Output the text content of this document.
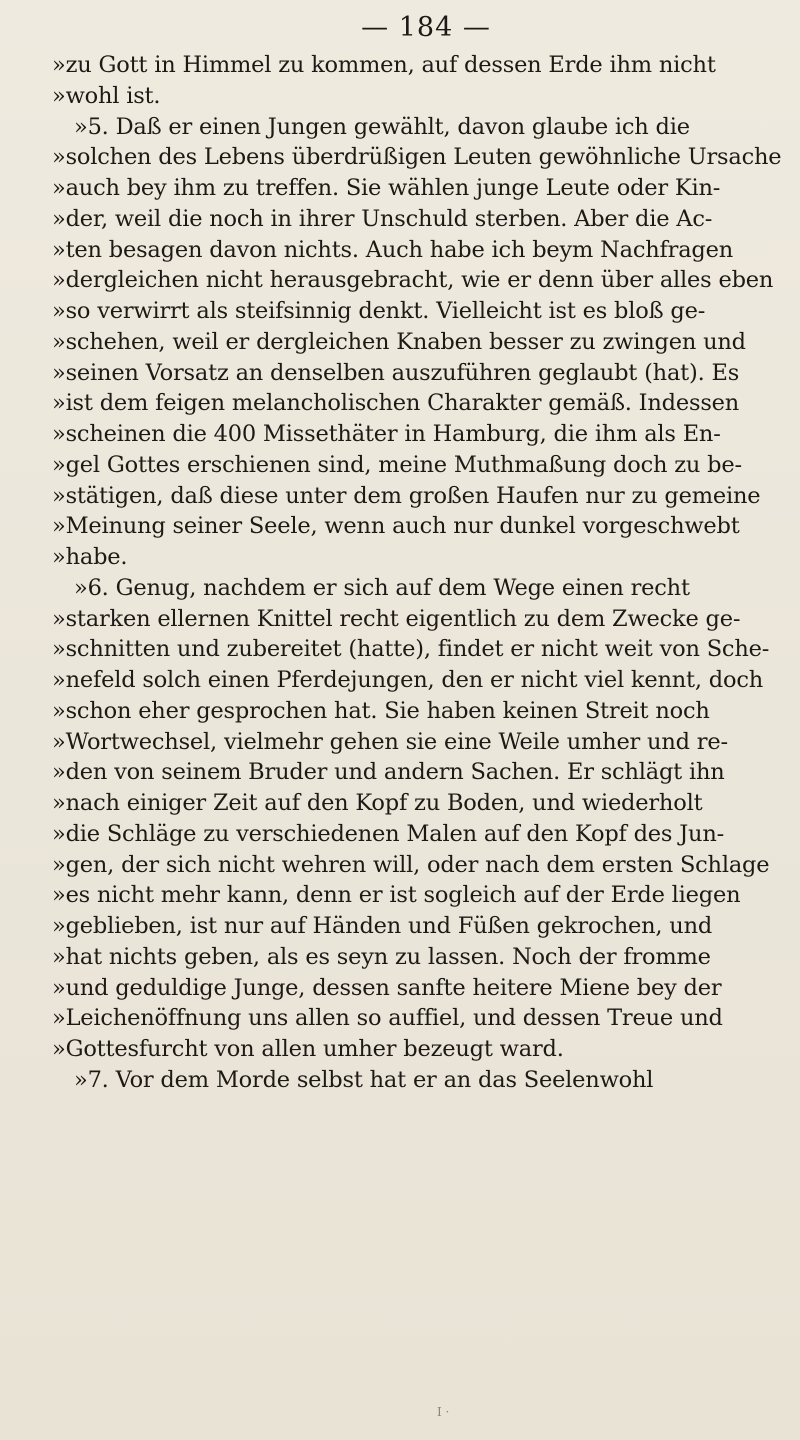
— 184 —
»zu Gott in Himmel zu kommen, auf dessen Erde ihm nicht
»wohl ist.
»5. Daß er einen Jungen gewählt, davon glaube ich die
»solchen des Lebens überdrüßigen Leuten gewöhnliche Ursache
»auch bey ihm zu treffen. Sie wählen junge Leute oder Kin-
»der, weil die noch in ihrer Unschuld sterben. Aber die Ac-
»ten besagen davon nichts. Auch habe ich beym Nachfragen
»dergleichen nicht herausgebracht, wie er denn über alles eben
»so verwirrt als steifsinnig denkt. Vielleicht ist es bloß ge-
»schehen, weil er dergleichen Knaben besser zu zwingen und
»seinen Vorsatz an denselben auszuführen geglaubt (hat). Es
»ist dem feigen melancholischen Charakter gemäß. Indessen
»scheinen die 400 Missethäter in Hamburg, die ihm als En-
»gel Gottes erschienen sind, meine Muthmaßung doch zu be-
»stätigen, daß diese unter dem großen Haufen nur zu gemeine
»Meinung seiner Seele, wenn auch nur dunkel vorgeschwebt
»habe.
»6. Genug, nachdem er sich auf dem Wege einen recht
»starken ellernen Knittel recht eigentlich zu dem Zwecke ge-
»schnitten und zubereitet (hatte), findet er nicht weit von Sche-
»nefeld solch einen Pferdejungen, den er nicht viel kennt, doch
»schon eher gesprochen hat. Sie haben keinen Streit noch
»Wortwechsel, vielmehr gehen sie eine Weile umher und re-
»den von seinem Bruder und andern Sachen. Er schlägt ihn
»nach einiger Zeit auf den Kopf zu Boden, und wiederholt
»die Schläge zu verschiedenen Malen auf den Kopf des Jun-
»gen, der sich nicht wehren will, oder nach dem ersten Schlage
»es nicht mehr kann, denn er ist sogleich auf der Erde liegen
»geblieben, ist nur auf Händen und Füßen gekrochen, und
»hat nichts geben, als es seyn zu lassen. Noch der fromme
»und geduldige Junge, dessen sanfte heitere Miene bey der
»Leichenöffnung uns allen so auffiel, und dessen Treue und
»Gottesfurcht von allen umher bezeugt ward.
»7. Vor dem Morde selbst hat er an das Seelenwohl
I ·
